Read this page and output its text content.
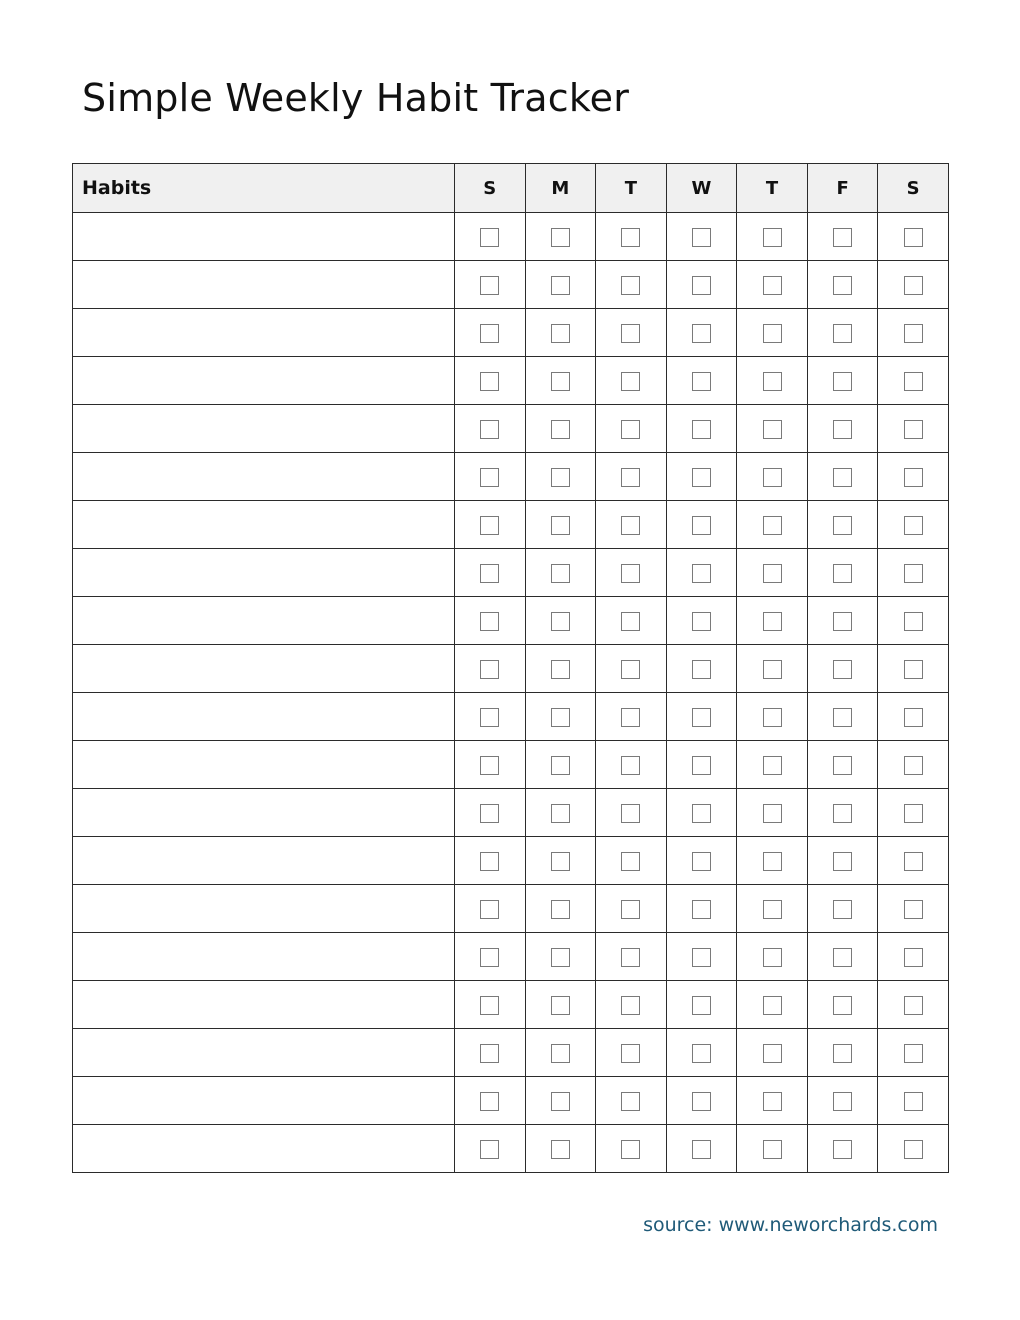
Simple Weekly Habit Tracker
Habits	S	M	T	W	T	F	S

source: www.neworchards.com
